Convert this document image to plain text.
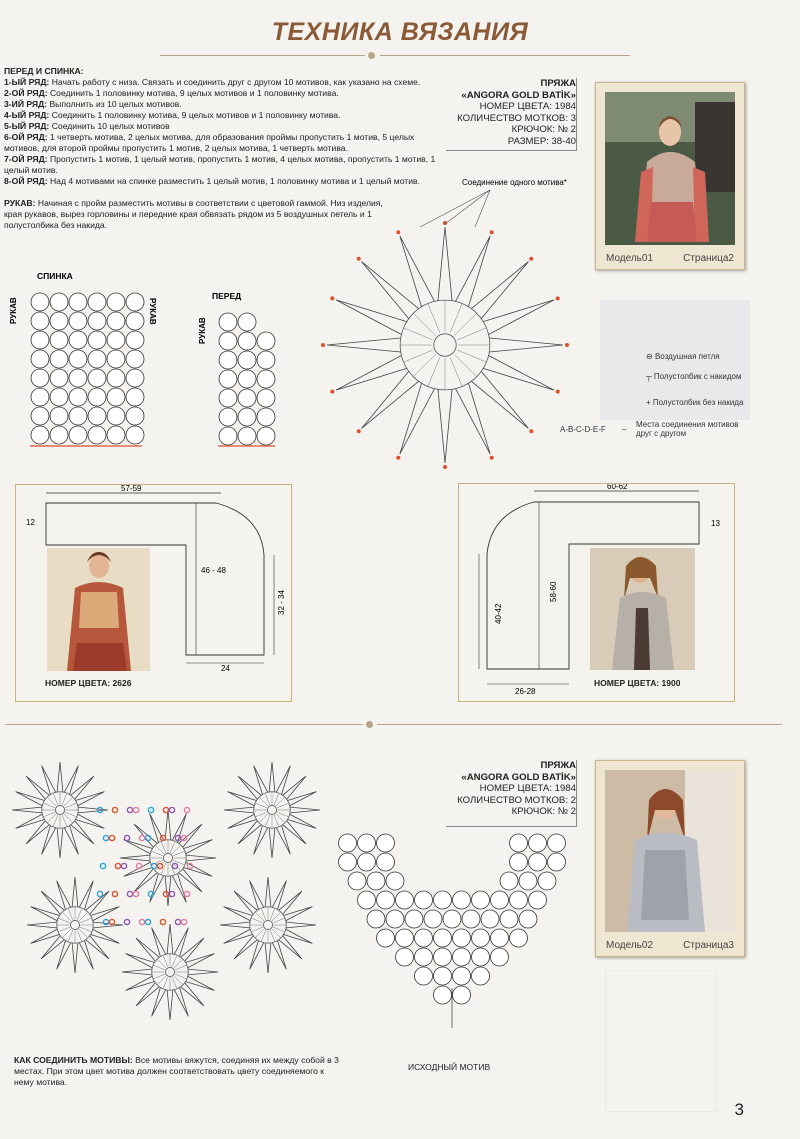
ТЕХНИКА ВЯЗАНИЯ

ПЕРЕД И СПИНКА:

1-ЫЙ РЯД: Начать работу с низа. Связать и соединить друг с другом 10 мотивов, как указано на схеме.

2-ОЙ РЯД: Соединить 1 половинку мотива, 9 целых мотивов и 1 половинку мотива.

3-ИЙ РЯД: Выполнить из 10 целых мотивов.

4-ЫЙ РЯД: Соединить 1 половинку мотива, 9 целых мотивов и 1 половинку мотива.

5-ЫЙ РЯД: Соединить 10 целых мотивов

6-ОЙ РЯД: 1 четверть мотива, 2 целых мотива, для образования проймы пропустить 1 мотив, 5 целых мотивов, для второй проймы пропустить 1 мотив, 2 целых мотива, 1 четверть мотива.

7-ОЙ РЯД: Пропустить 1 мотив, 1 целый мотив, пропустить 1 мотив, 4 целых мотива, пропустить 1 мотив, 1 целый мотив.

8-ОЙ РЯД: Над 4 мотивами на спинке разместить 1 целый мотив, 1 половинку мотива и 1 целый мотив.

РУКАВ: Начиная с пройм разместить мотивы в соответствии с цветовой гаммой. Низ изделия, края рукавов, вырез горловины и передние края обвязать рядом из 5 воздушных петель и 1 полустолбика без накида.
ПРЯЖА
«ANGORA GOLD BATİK»
НОМЕР ЦВЕТА: 1984
КОЛИЧЕСТВО МОТКОВ: 3
КРЮЧОК: № 2
РАЗМЕР: 38-40
Модель01	Страница2
СПИНКА
ПЕРЕД
РУКАВ	РУКАВ
РУКАВ
Соединение одного мотива*
⊖ Воздушная петля
┬ Полустолбик с накидом
+ Полустолбик без накида
A-B-C-D-E-F –
Места соединения мотивов друг с другом
57-59
12
46 - 48
32 - 34
24
НОМЕР ЦВЕТА: 2626
60-62
13
40-42
58-60
26-28
НОМЕР ЦВЕТА: 1900
ПРЯЖА
«ANGORA GOLD BATİK»
НОМЕР ЦВЕТА: 1984
КОЛИЧЕСТВО МОТКОВ: 2
КРЮЧОК: № 2
Модель02	Страница3
ИСХОДНЫЙ МОТИВ
КАК СОЕДИНИТЬ МОТИВЫ: Все мотивы вяжутся, соединяя их между собой в 3 местах. При этом цвет мотива должен соответствовать цвету соединяемого к нему мотива.
3
